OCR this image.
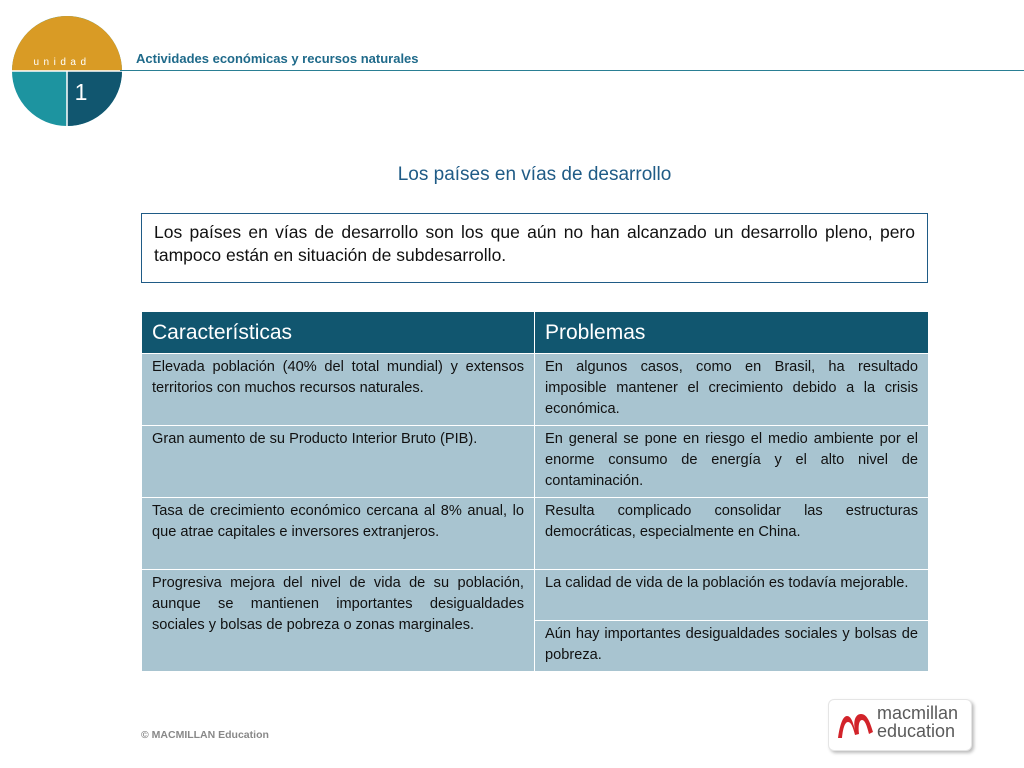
unidad
1
Actividades económicas y recursos naturales
Los países en vías de desarrollo
Los países en vías de desarrollo son los que aún no han alcanzado un desarrollo pleno, pero tampoco están en situación de subdesarrollo.
Características	Problemas
Elevada población (40% del total mundial) y extensos territorios con muchos recursos naturales.	En algunos casos, como en Brasil, ha resultado imposible mantener el crecimiento debido a la crisis económica.
Gran aumento de su Producto Interior Bruto (PIB).	En general se pone en riesgo el medio ambiente por el enorme consumo de energía y el alto nivel de contaminación.
Tasa de crecimiento económico cercana al 8% anual, lo que atrae capitales e inversores extranjeros.	Resulta complicado consolidar las estructuras democráticas, especialmente en China.
Progresiva mejora del nivel de vida de su población, aunque se mantienen importantes desigualdades sociales y bolsas de pobreza o zonas marginales.	La calidad de vida de la población es todavía mejorable.
	Aún hay importantes desigualdades sociales y bolsas de pobreza.
© MACMILLAN Education
macmillan
education
